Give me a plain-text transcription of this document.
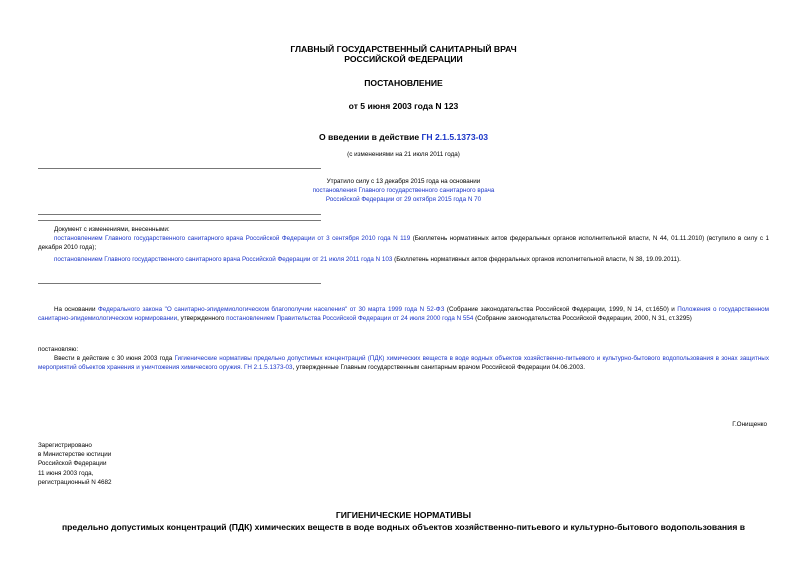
ГЛАВНЫЙ ГОСУДАРСТВЕННЫЙ САНИТАРНЫЙ ВРАЧ
РОССИЙСКОЙ ФЕДЕРАЦИИ
ПОСТАНОВЛЕНИЕ
от 5 июня 2003 года N 123
О введении в действие ГН 2.1.5.1373-03
(с изменениями на 21 июля 2011 года)
Утратило силу с 13 декабря 2015 года на основании
постановления Главного государственного санитарного врача
Российской Федерации от 29 октября 2015 года N 70
Документ с изменениями, внесенными:
постановлением Главного государственного санитарного врача Российской Федерации от 3 сентября 2010 года N 119 (Бюллетень нормативных актов федеральных органов исполнительной власти, N 44, 01.11.2010) (вступило в силу с 1 декабря 2010 года);
постановлением Главного государственного санитарного врача Российской Федерации от 21 июля 2011 года N 103 (Бюллетень нормативных актов федеральных органов исполнительной власти, N 38, 19.09.2011).
На основании Федерального закона "О санитарно-эпидемиологическом благополучии населения" от 30 марта 1999 года N 52-ФЗ (Собрание законодательства Российской Федерации, 1999, N 14, ст.1650) и Положения о государственном санитарно-эпидемиологическом нормировании, утвержденного постановлением Правительства Российской Федерации от 24 июля 2000 года N 554 (Собрание законодательства Российской Федерации, 2000, N 31, ст.3295)
постановляю:
Ввести в действие с 30 июня 2003 года Гигиенические нормативы предельно допустимых концентраций (ПДК) химических веществ в воде водных объектов хозяйственно-питьевого и культурно-бытового водопользования в зонах защитных мероприятий объектов хранения и уничтожения химического оружия. ГН 2.1.5.1373-03, утвержденные Главным государственным санитарным врачом Российской Федерации 04.06.2003.
Г.Онищенко
Зарегистрировано
в Министерстве юстиции
Российской Федерации
11 июня 2003 года,
регистрационный N 4682
ГИГИЕНИЧЕСКИЕ НОРМАТИВЫ
предельно допустимых концентраций (ПДК) химических веществ в воде водных объектов хозяйственно-питьевого и культурно-бытового водопользования в
